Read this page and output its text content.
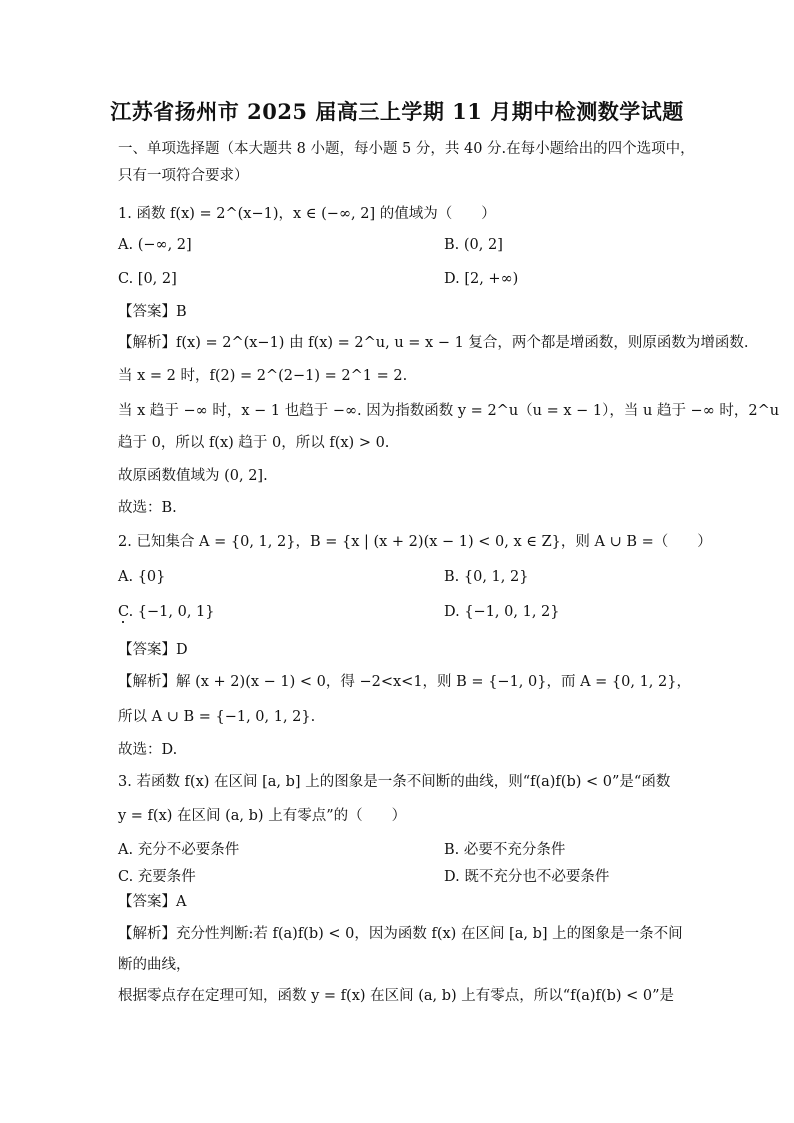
江苏省扬州市 2025 届高三上学期 11 月期中检测数学试题
一、单项选择题（本大题共 8 小题，每小题 5 分，共 40 分.在每小题给出的四个选项中，
只有一项符合要求）
1. 函数 f(x) = 2^(x−1)，x ∈ (−∞, 2] 的值域为（　　）
A. (−∞, 2]	B. (0, 2]
C. [0, 2]	D. [2, +∞)
【答案】B
【解析】f(x) = 2^(x−1) 由 f(x) = 2^u, u = x − 1 复合，两个都是增函数，则原函数为增函数.
当 x = 2 时，f(2) = 2^(2−1) = 2^1 = 2.
当 x 趋于 −∞ 时，x − 1 也趋于 −∞. 因为指数函数 y = 2^u（u = x − 1），当 u 趋于 −∞ 时，2^u
趋于 0，所以 f(x) 趋于 0，所以 f(x) > 0.
故原函数值域为 (0, 2].
故选：B.
2. 已知集合 A = {0, 1, 2}，B = {x | (x + 2)(x − 1) < 0, x ∈ Z}，则 A ∪ B =（　　）
A. {0}	B. {0, 1, 2}
C. {−1, 0, 1}	D. {−1, 0, 1, 2}
【答案】D
【解析】解 (x + 2)(x − 1) < 0，得 −2<x<1，则 B = {−1, 0}，而 A = {0, 1, 2}，
所以 A ∪ B = {−1, 0, 1, 2}.
故选：D.
3. 若函数 f(x) 在区间 [a, b] 上的图象是一条不间断的曲线，则“f(a)f(b) < 0”是“函数
y = f(x) 在区间 (a, b) 上有零点”的（　　）
A. 充分不必要条件	B. 必要不充分条件
C. 充要条件	D. 既不充分也不必要条件
【答案】A
【解析】充分性判断:若 f(a)f(b) < 0，因为函数 f(x) 在区间 [a, b] 上的图象是一条不间
断的曲线，
根据零点存在定理可知，函数 y = f(x) 在区间 (a, b) 上有零点，所以“f(a)f(b) < 0”是
